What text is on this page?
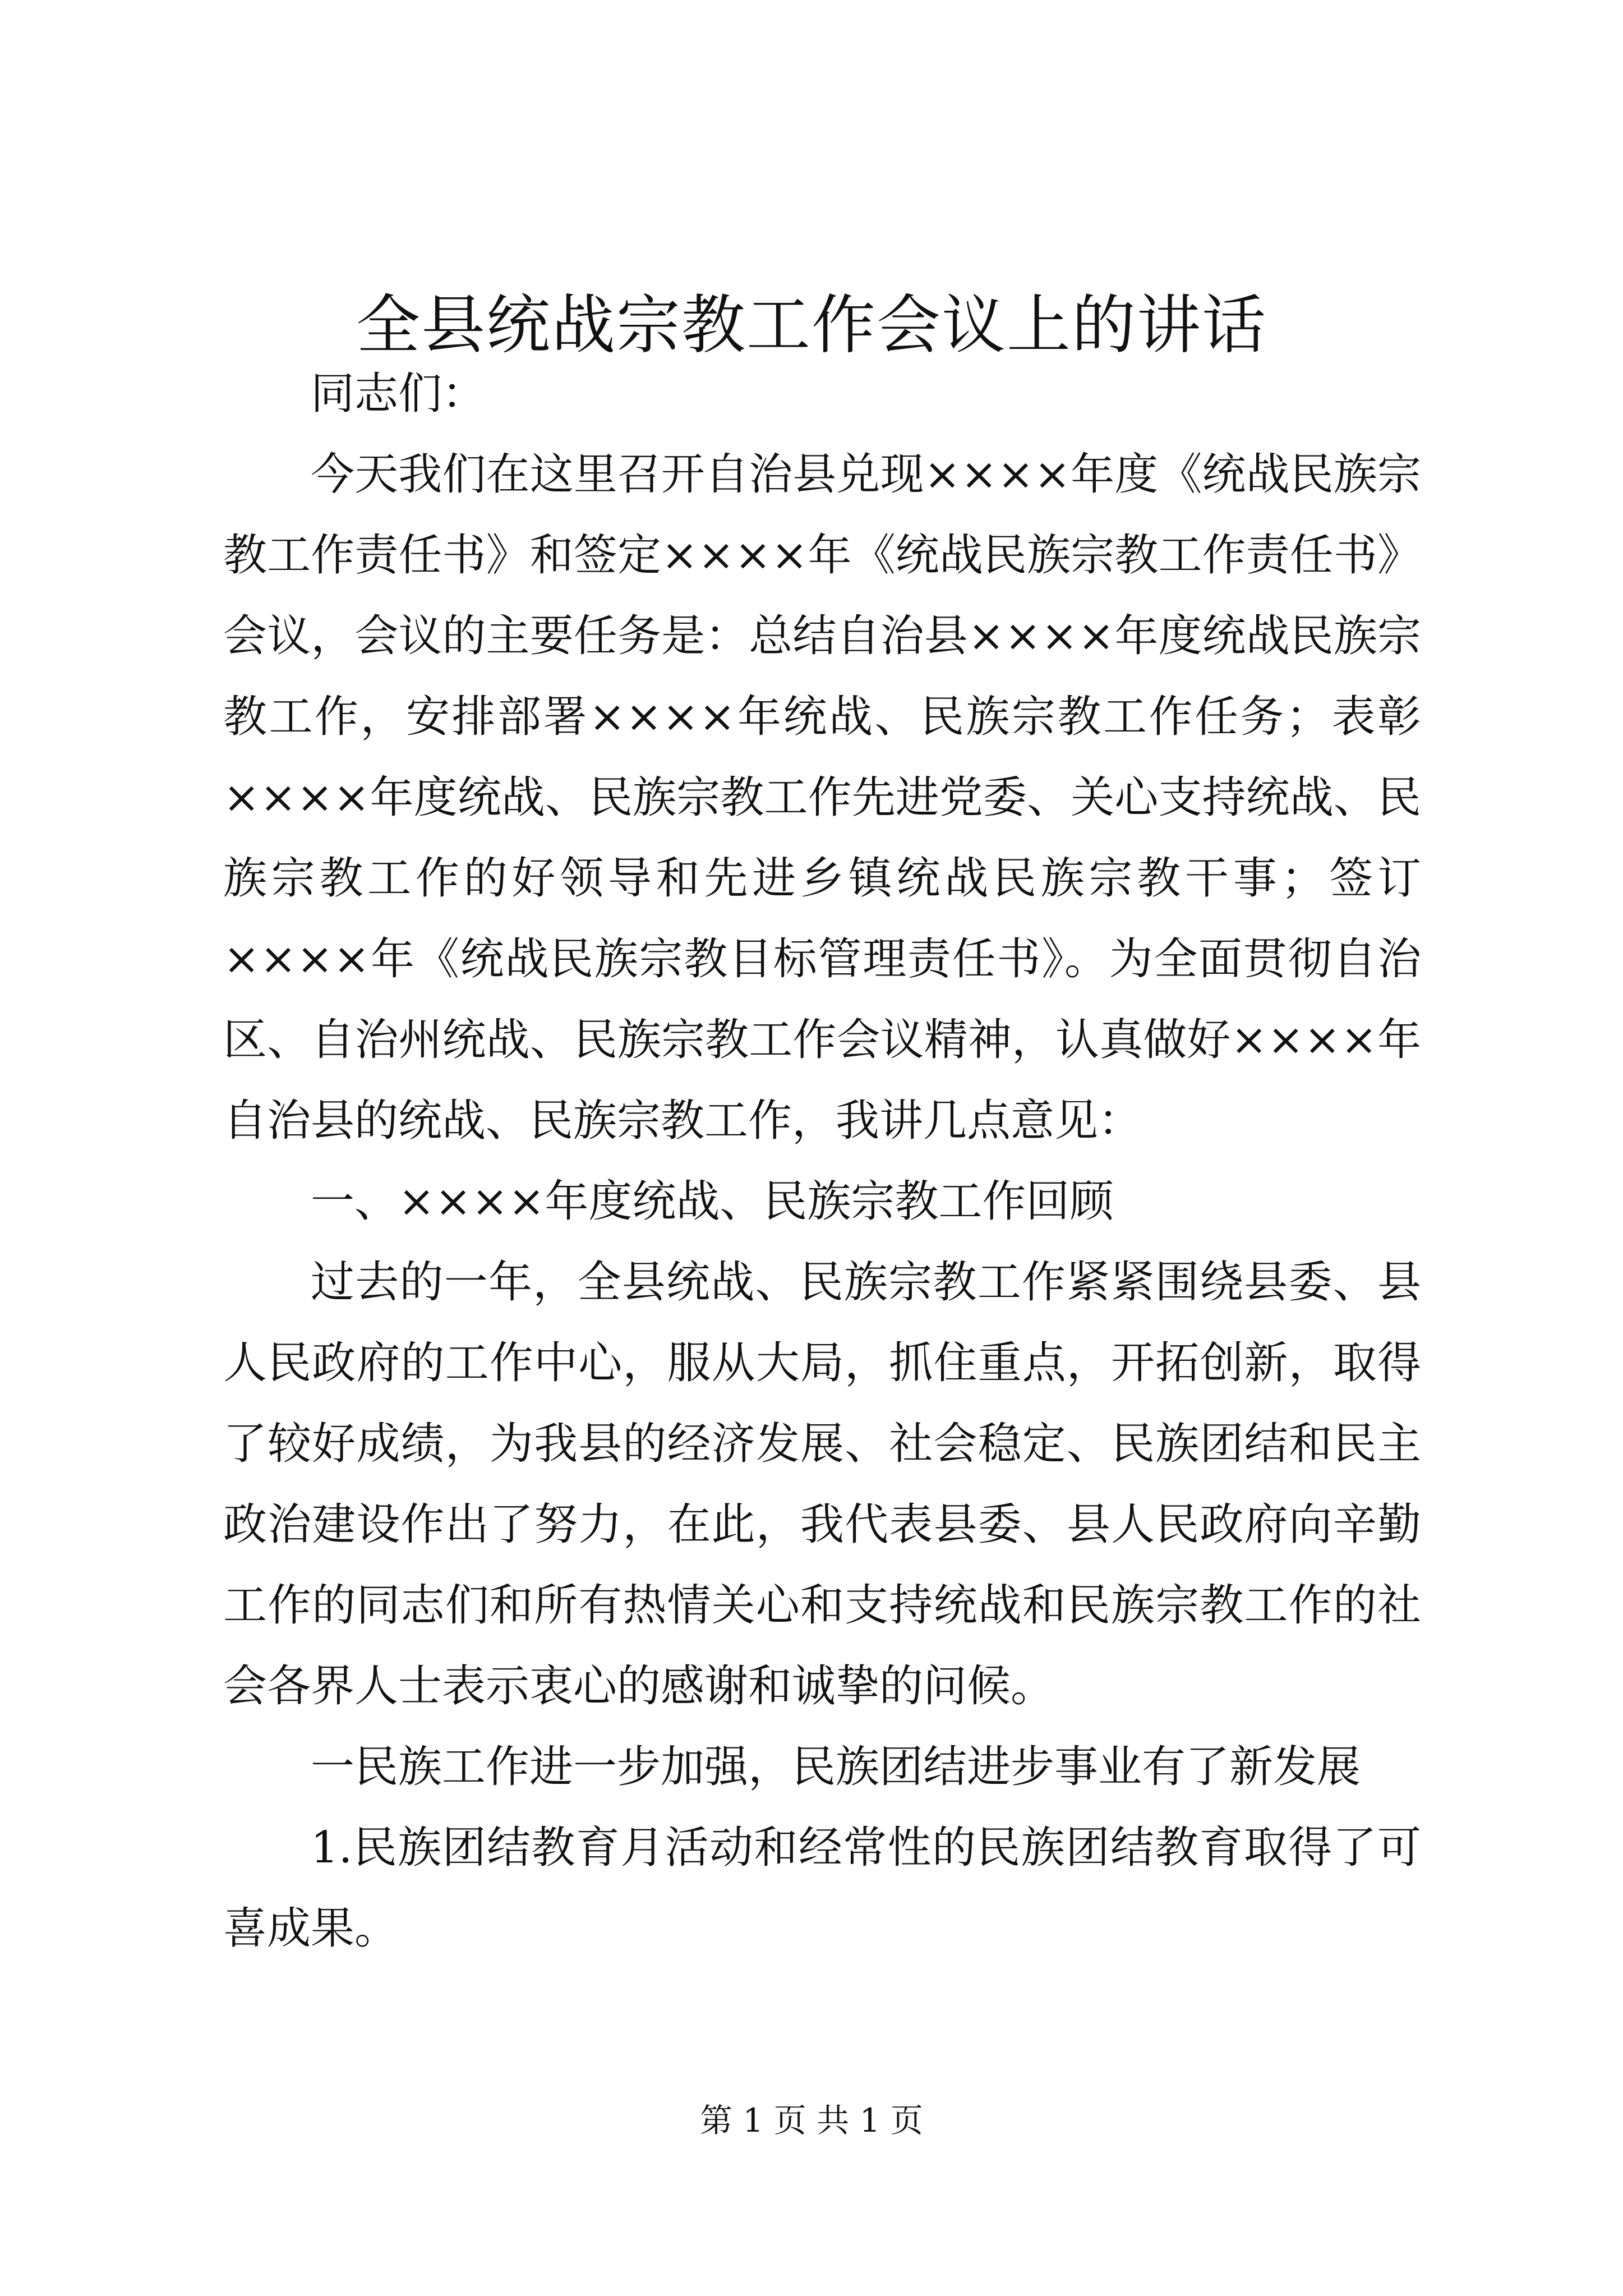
全县统战宗教工作会议上的讲话

同志们：

今天我们在这里召开自治县兑现××××年度《统战民族宗教工作责任书》和签定××××年《统战民族宗教工作责任书》会议，会议的主要任务是：总结自治县××××年度统战民族宗教工作，安排部署××××年统战、民族宗教工作任务；表彰××××年度统战、民族宗教工作先进党委、关心支持统战、民族宗教工作的好领导和先进乡镇统战民族宗教干事；签订××××年《统战民族宗教目标管理责任书》。为全面贯彻自治区、自治州统战、民族宗教工作会议精神，认真做好××××年自治县的统战、民族宗教工作，我讲几点意见：

一、××××年度统战、民族宗教工作回顾

过去的一年，全县统战、民族宗教工作紧紧围绕县委、县人民政府的工作中心，服从大局，抓住重点，开拓创新，取得了较好成绩，为我县的经济发展、社会稳定、民族团结和民主政治建设作出了努力，在此，我代表县委、县人民政府向辛勤工作的同志们和所有热情关心和支持统战和民族宗教工作的社会各界人士表示衷心的感谢和诚挚的问候。

一民族工作进一步加强，民族团结进步事业有了新发展

1.民族团结教育月活动和经常性的民族团结教育取得了可喜成果。

第 1 页 共 1 页
